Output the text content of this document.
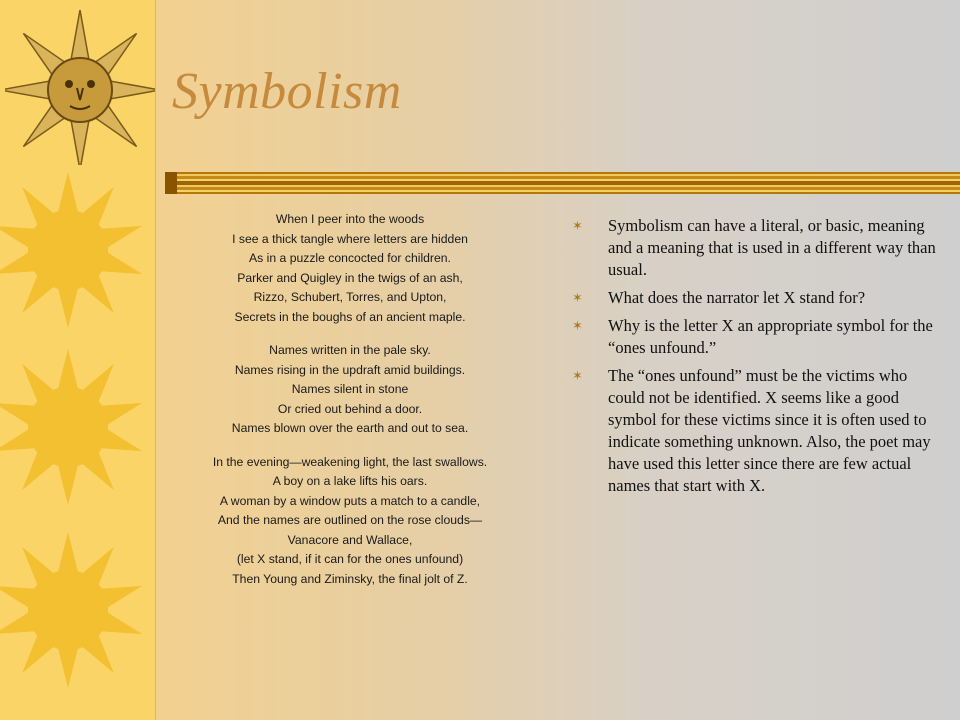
Symbolism
When I peer into the woods
I see a thick tangle where letters are hidden
As in a puzzle concocted for children.
Parker and Quigley in the twigs of an ash,
Rizzo, Schubert, Torres, and Upton,
Secrets in the boughs of an ancient maple.
Names written in the pale sky.
Names rising in the updraft amid buildings.
Names silent in stone
Or cried out behind a door.
Names blown over the earth and out to sea.
In the evening—weakening light, the last swallows.
A boy on a lake lifts his oars.
A woman by a window puts a match to a candle,
And the names are outlined on the rose clouds—
Vanacore and Wallace,
(let X stand, if it can for the ones unfound)
Then Young and Ziminsky, the final jolt of Z.
✶ Symbolism can have a literal, or basic, meaning and a meaning that is used in a different way than usual.
✶ What does the narrator let X stand for?
✶ Why is the letter X an appropriate symbol for the “ones unfound.”
✶ The “ones unfound” must be the victims who could not be identified. X seems like a good symbol for these victims since it is often used to indicate something unknown. Also, the poet may have used this letter since there are few actual names that start with X.
